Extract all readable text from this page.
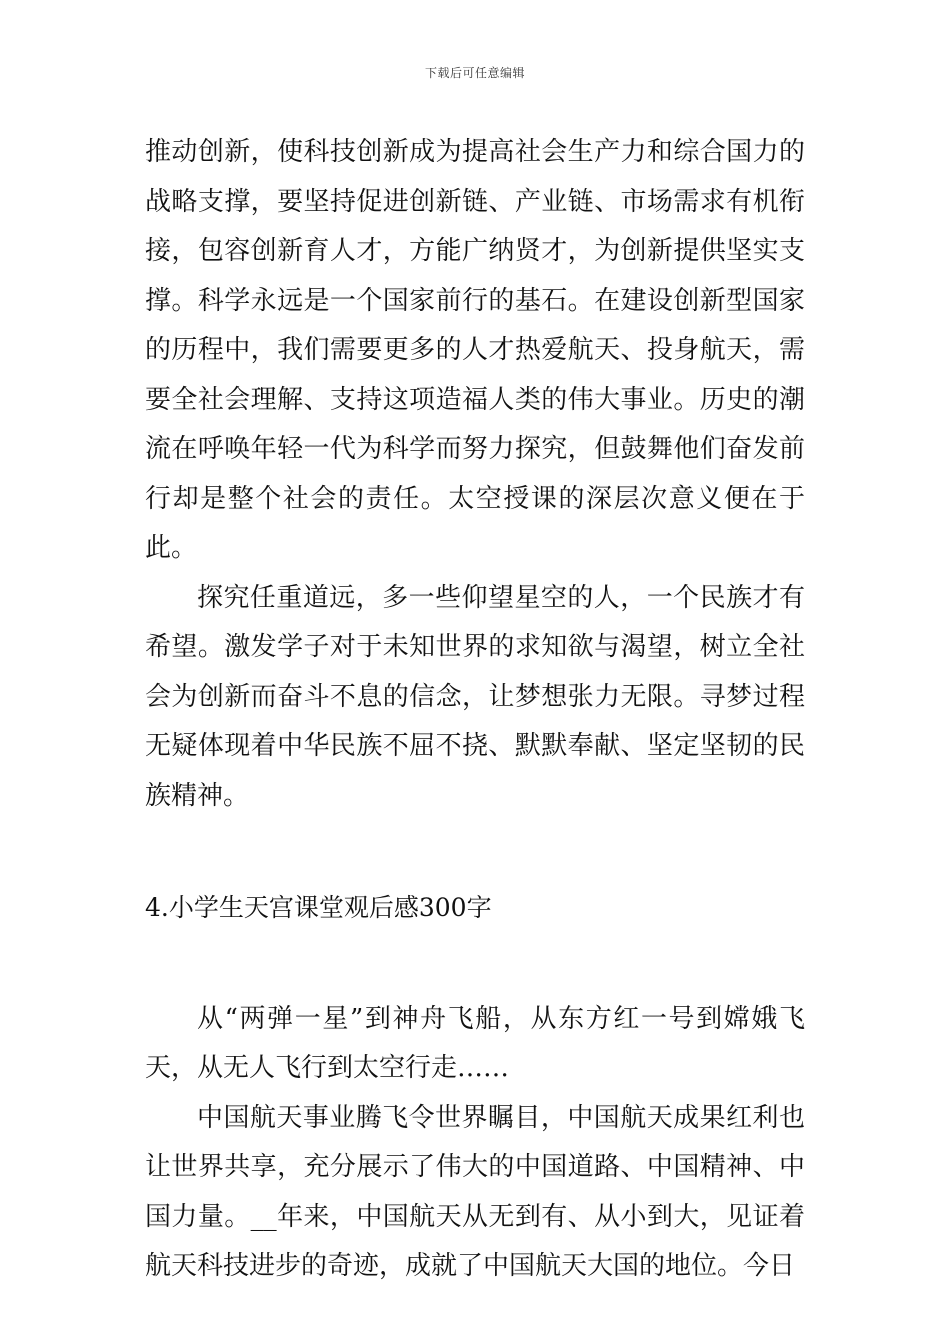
下载后可任意编辑

推动创新，使科技创新成为提高社会生产力和综合国力的战略支撑，要坚持促进创新链、产业链、市场需求有机衔接，包容创新育人才，方能广纳贤才，为创新提供坚实支撑。科学永远是一个国家前行的基石。在建设创新型国家的历程中，我们需要更多的人才热爱航天、投身航天，需要全社会理解、支持这项造福人类的伟大事业。历史的潮流在呼唤年轻一代为科学而努力探究，但鼓舞他们奋发前行却是整个社会的责任。太空授课的深层次意义便在于此。

探究任重道远，多一些仰望星空的人，一个民族才有希望。激发学子对于未知世界的求知欲与渴望，树立全社会为创新而奋斗不息的信念，让梦想张力无限。寻梦过程无疑体现着中华民族不屈不挠、默默奉献、坚定坚韧的民族精神。

4.小学生天宫课堂观后感300字

从“两弹一星”到神舟飞船，从东方红一号到嫦娥飞天，从无人飞行到太空行走……

中国航天事业腾飞令世界瞩目，中国航天成果红利也让世界共享，充分展示了伟大的中国道路、中国精神、中国力量。__年来，中国航天从无到有、从小到大，见证着航天科技进步的奇迹，成就了中国航天大国的地位。今日
